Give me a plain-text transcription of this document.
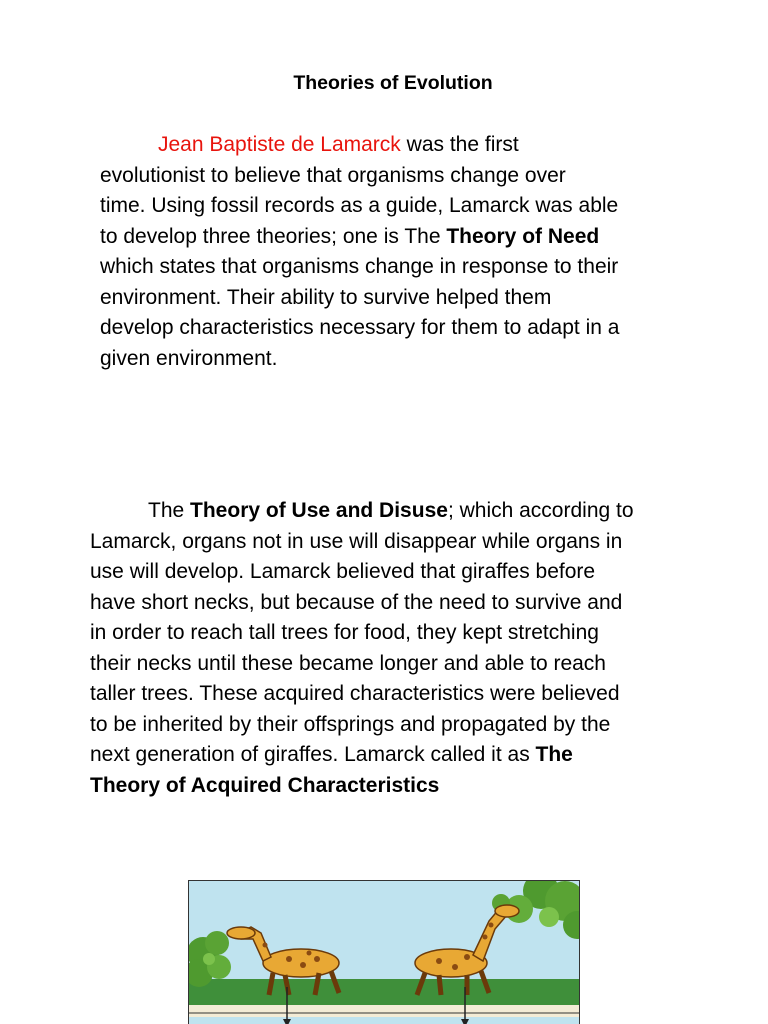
Theories of Evolution
Jean Baptiste de Lamarck was the first
evolutionist to believe that organisms change over
time. Using fossil records as a guide, Lamarck was able
to develop three theories; one is The Theory of Need
which states that organisms change in response to their
environment. Their ability to survive helped them
develop characteristics necessary for them to adapt in a
given environment.
The Theory of Use and Disuse; which according to
Lamarck, organs not in use will disappear while organs in
use will develop. Lamarck believed that giraffes before
have short necks, but because of the need to survive and
in order to reach tall trees for food, they kept stretching
their necks until these became longer and able to reach
taller trees. These acquired characteristics were believed
to be inherited by their offsprings and propagated by the
next generation of giraffes. Lamarck called it as The
Theory of Acquired Characteristics
